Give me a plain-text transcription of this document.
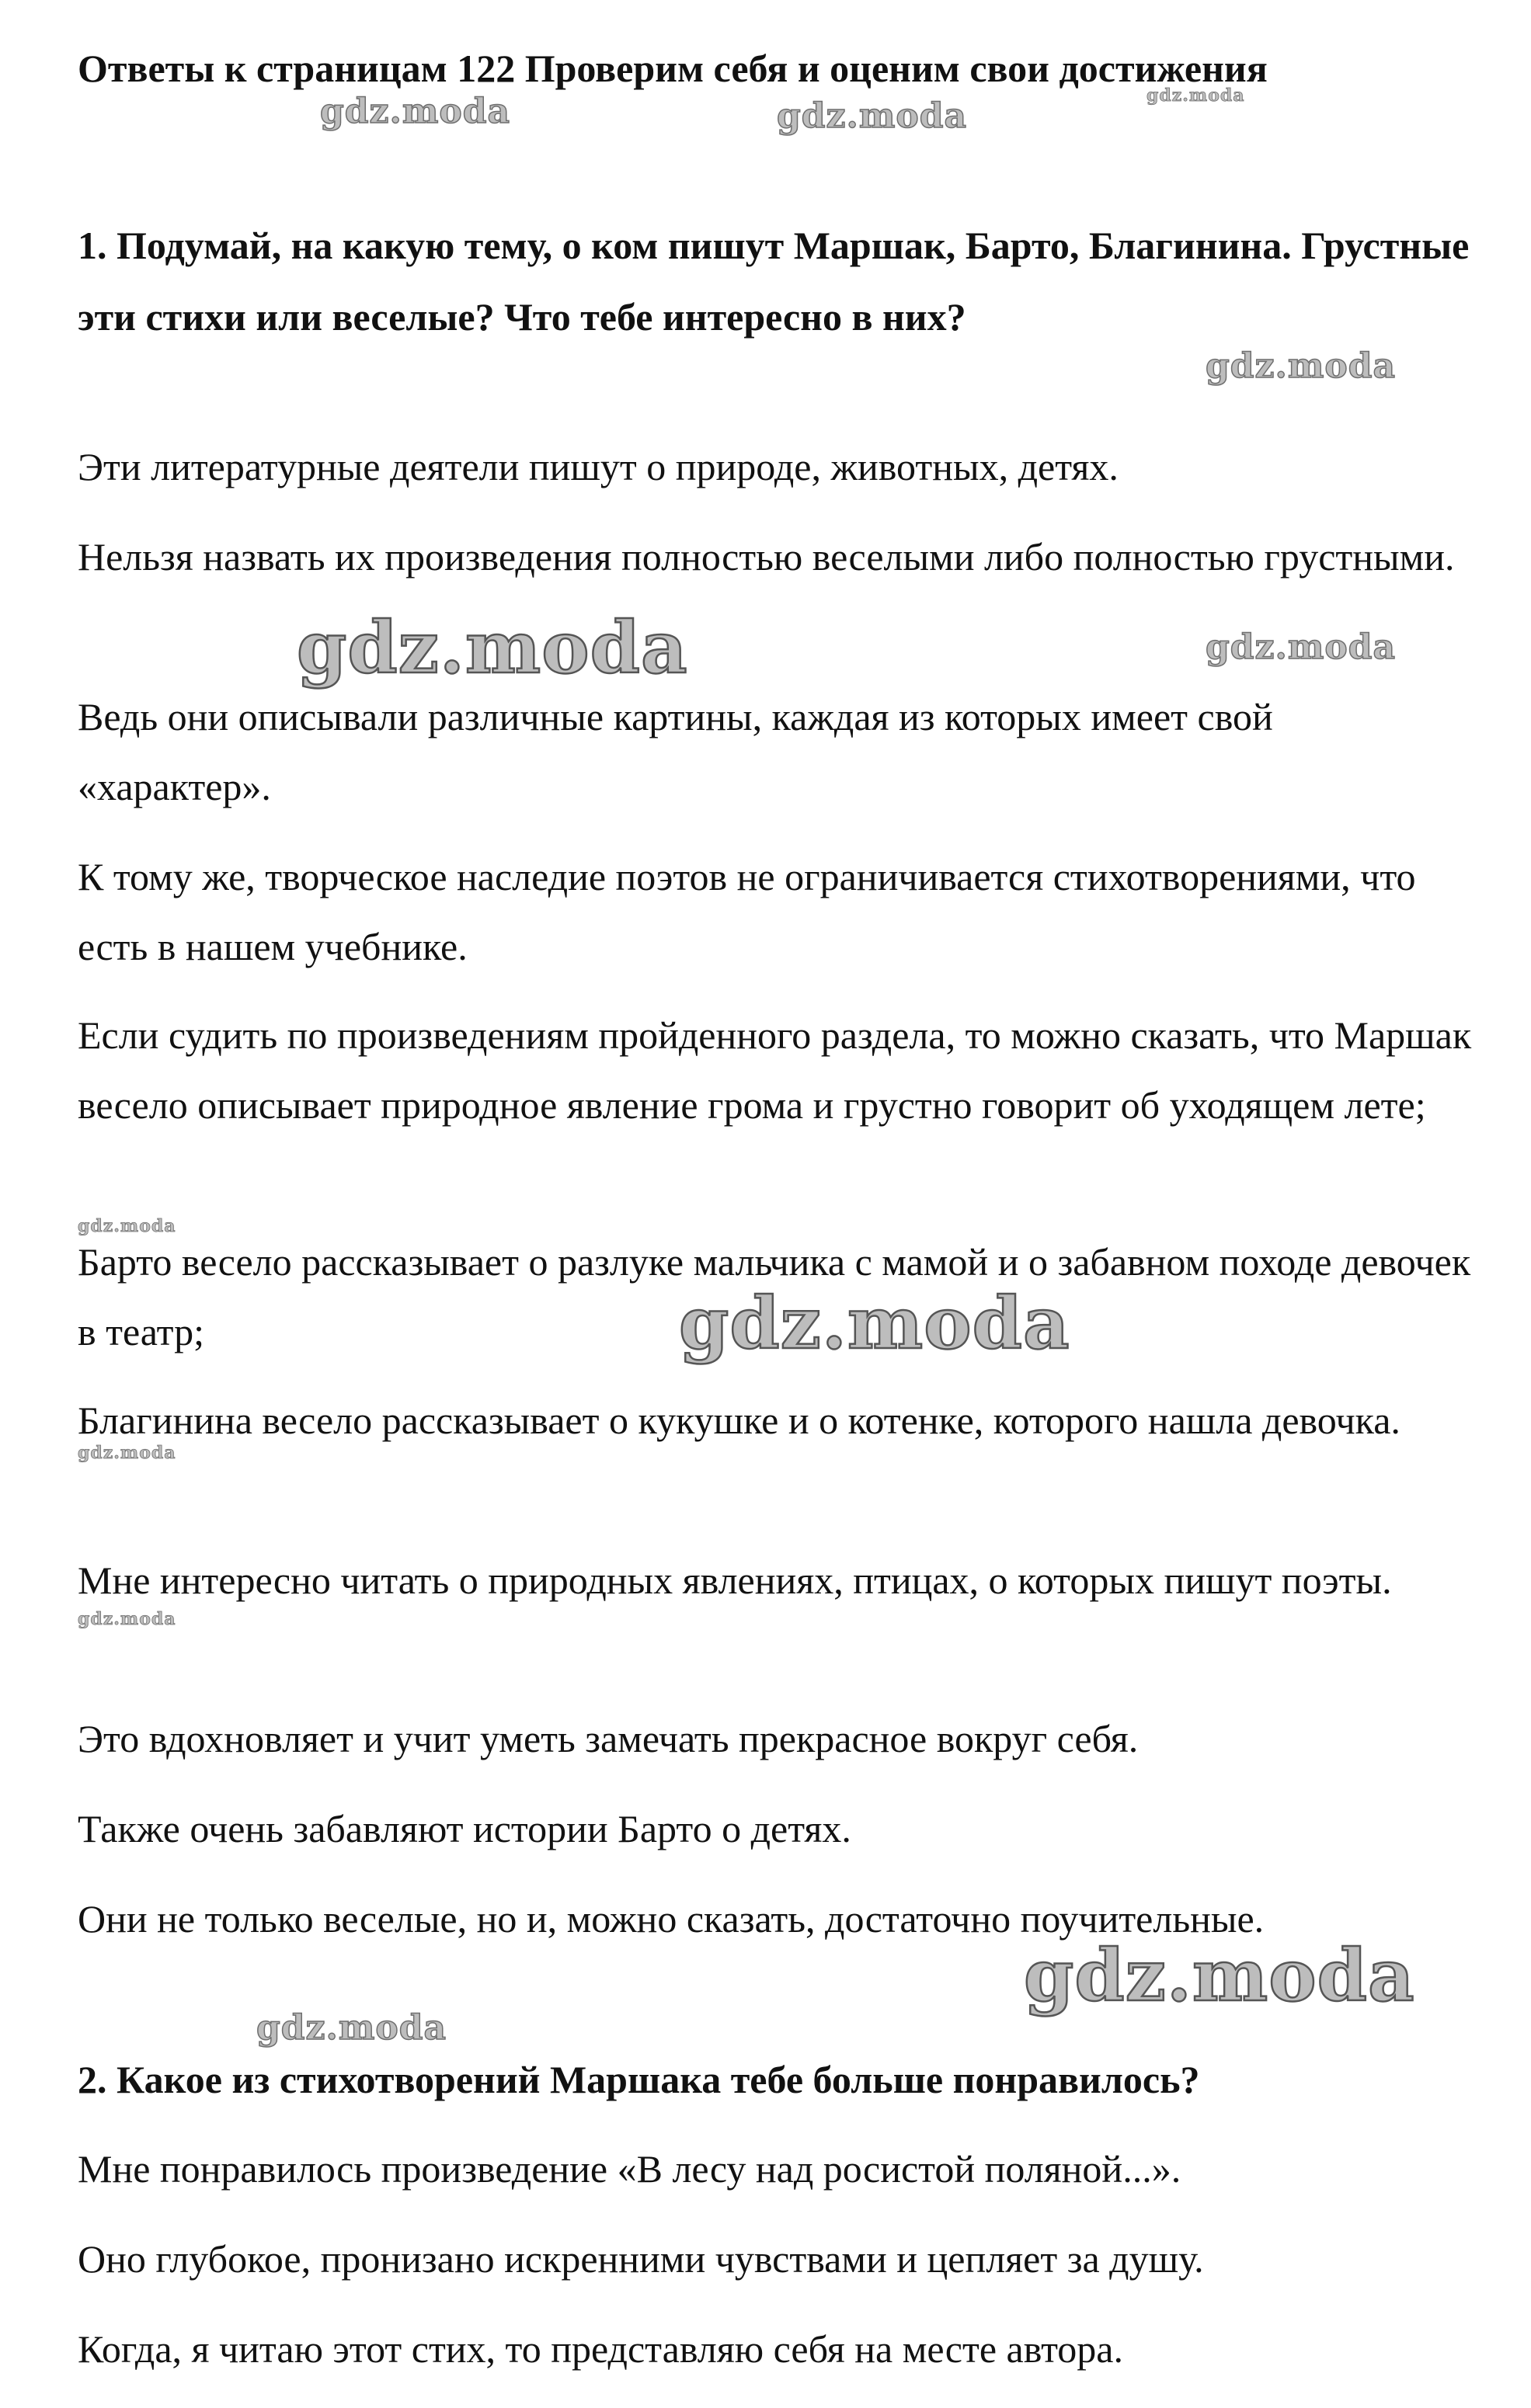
Ответы к страницам 122 Проверим себя и оценим свои достижения

1. Подумай, на какую тему, о ком пишут Маршак, Барто, Благинина. Грустные эти стихи или веселые? Что тебе интересно в них?

Эти литературные деятели пишут о природе, животных, детях.

Нельзя назвать их произведения полностью веселыми либо полностью грустными.

Ведь они описывали различные картины, каждая из которых имеет свой «характер».

К тому же, творческое наследие поэтов не ограничивается стихотворениями, что есть в нашем учебнике.

Если судить по произведениям пройденного раздела, то можно сказать, что Маршак весело описывает природное явление грома и грустно говорит об уходящем лете;

Барто весело рассказывает о разлуке мальчика с мамой и о забавном походе девочек в театр;

Благинина весело рассказывает о кукушке и о котенке, которого нашла девочка.

Мне интересно читать о природных явлениях, птицах, о которых пишут поэты.

Это вдохновляет и учит уметь замечать прекрасное вокруг себя.

Также очень забавляют истории Барто о детях.

Они не только веселые, но и, можно сказать, достаточно поучительные.

2. Какое из стихотворений Маршака тебе больше понравилось?

Мне понравилось произведение «В лесу над росистой поляной...».

Оно глубокое, пронизано искренними чувствами и цепляет за душу.

Когда, я читаю этот стих, то представляю себя на месте автора.

gdz.moda	gdz.moda
gdz.moda
gdz.moda
gdz.moda	gdz.moda
gdz.moda
gdz.moda
gdz.moda
gdz.moda
gdz.moda
gdz.moda
